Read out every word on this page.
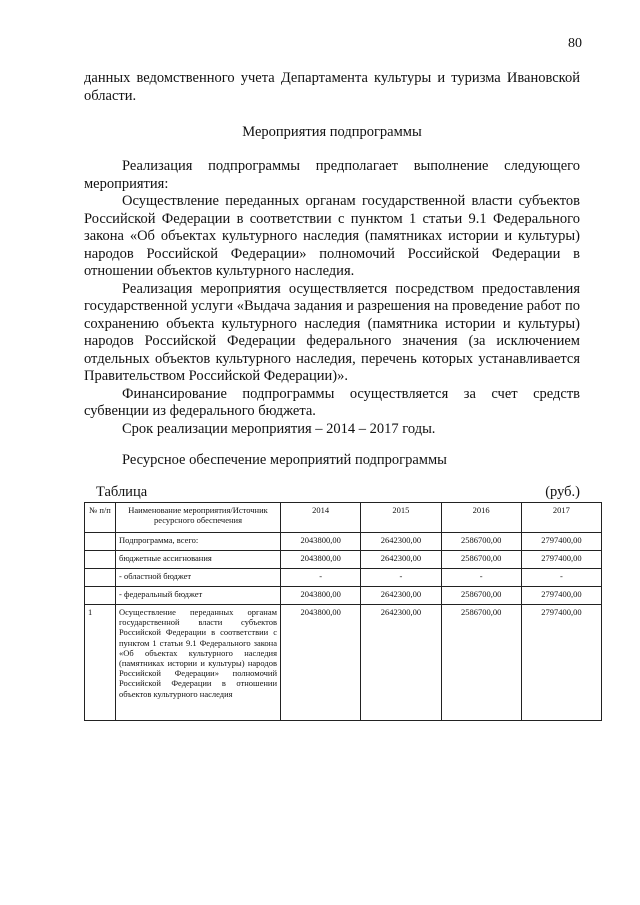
80

данных ведомственного учета Департамента культуры и туризма Ивановской области.

Мероприятия подпрограммы

Реализация подпрограммы предполагает выполнение следующего мероприятия:

Осуществление переданных органам государственной власти субъектов Российской Федерации в соответствии с пунктом 1 статьи 9.1 Федерального закона «Об объектах культурного наследия (памятниках истории и культуры) народов Российской Федерации» полномочий Российской Федерации в отношении объектов культурного наследия.

Реализация мероприятия осуществляется посредством предоставления государственной услуги «Выдача задания и разрешения на проведение работ по сохранению объекта культурного наследия (памятника истории и культуры) народов Российской Федерации федерального значения (за исключением отдельных объектов культурного наследия, перечень которых устанавливается Правительством Российской Федерации)».

Финансирование подпрограммы осуществляется за счет средств субвенции из федерального бюджета.

Срок реализации мероприятия – 2014 – 2017 годы.

Ресурсное обеспечение мероприятий подпрограммы
Таблица	(руб.)
№ п/п	Наименование мероприятия/Источник ресурсного обеспечения	2014	2015	2016	2017
	Подпрограмма, всего:	2043800,00	2642300,00	2586700,00	2797400,00
	бюджетные ассигнования	2043800,00	2642300,00	2586700,00	2797400,00
	- областной бюджет	-	-	-	-
	- федеральный бюджет	2043800,00	2642300,00	2586700,00	2797400,00
1	Осуществление переданных органам государственной власти субъектов Российской Федерации в соответствии с пунктом 1 статьи 9.1 Федерального закона «Об объектах культурного наследия (памятниках истории и культуры) народов Российской Федерации» полномочий Российской Федерации в отношении объектов культурного наследия	2043800,00	2642300,00	2586700,00	2797400,00
